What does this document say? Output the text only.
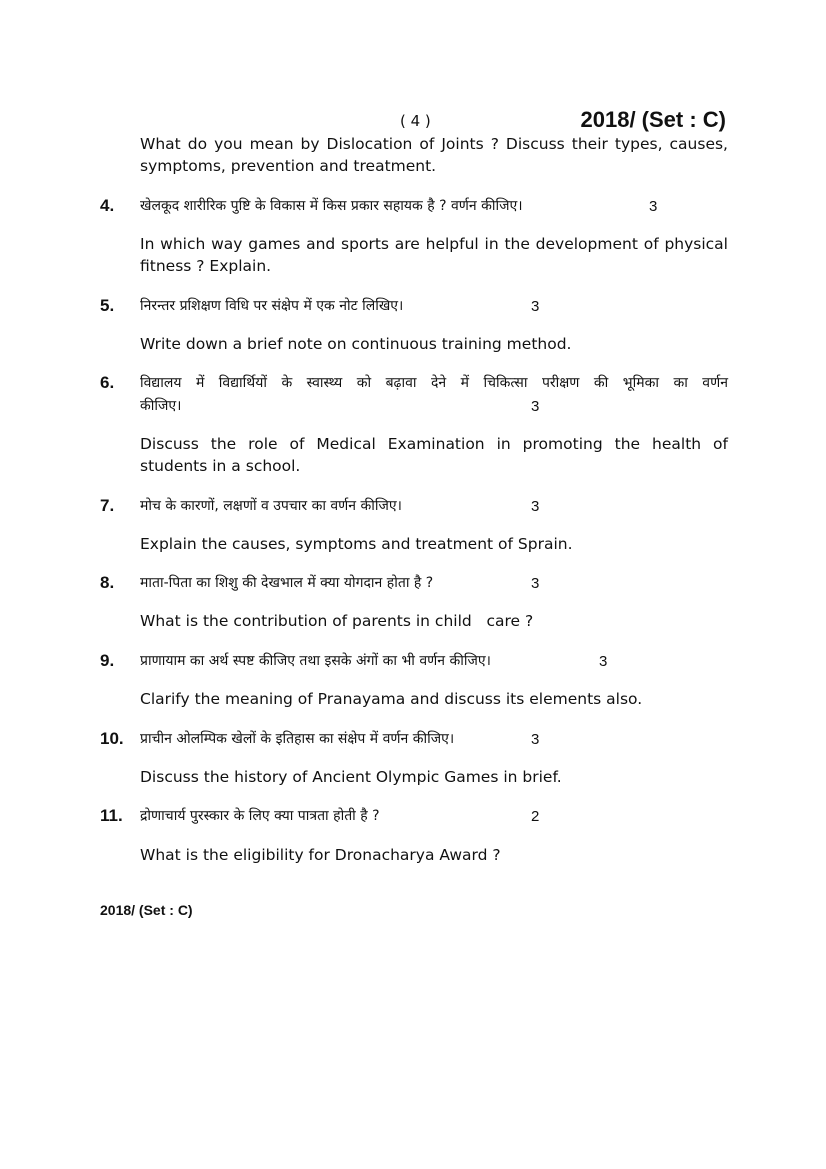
( 4 )	2018/ (Set : C)
What do you mean by Dislocation of Joints ? Discuss their types, causes, symptoms, prevention and treatment.
4.	खेलकूद शारीरिक पुष्टि के विकास में किस प्रकार सहायक है ? वर्णन कीजिए।	3
In which way games and sports are helpful in the development of physical fitness ? Explain.
5.	निरन्तर प्रशिक्षण विधि पर संक्षेप में एक नोट लिखिए।	3
Write down a brief note on continuous training method.
6.	विद्यालय में विद्यार्थियों के स्वास्थ्य को बढ़ावा देने में चिकित्सा परीक्षण की भूमिका का वर्णन
कीजिए।	3
Discuss the role of Medical Examination in promoting the health of students in a school.
7.	मोच के कारणों, लक्षणों व उपचार का वर्णन कीजिए।	3
Explain the causes, symptoms and treatment of Sprain.
8.	माता-पिता का शिशु की देखभाल में क्या योगदान होता है ?	3
What is the contribution of parents in child   care ?
9.	प्राणायाम का अर्थ स्पष्ट कीजिए तथा इसके अंगों का भी वर्णन कीजिए।	3
Clarify the meaning of Pranayama and discuss its elements also.
10.	प्राचीन ओलम्पिक खेलों के इतिहास का संक्षेप में वर्णन कीजिए।	3
Discuss the history of Ancient Olympic Games in brief.
11.	द्रोणाचार्य पुरस्कार के लिए क्या पात्रता होती है ?	2
What is the eligibility for Dronacharya Award ?
2018/ (Set : C)
